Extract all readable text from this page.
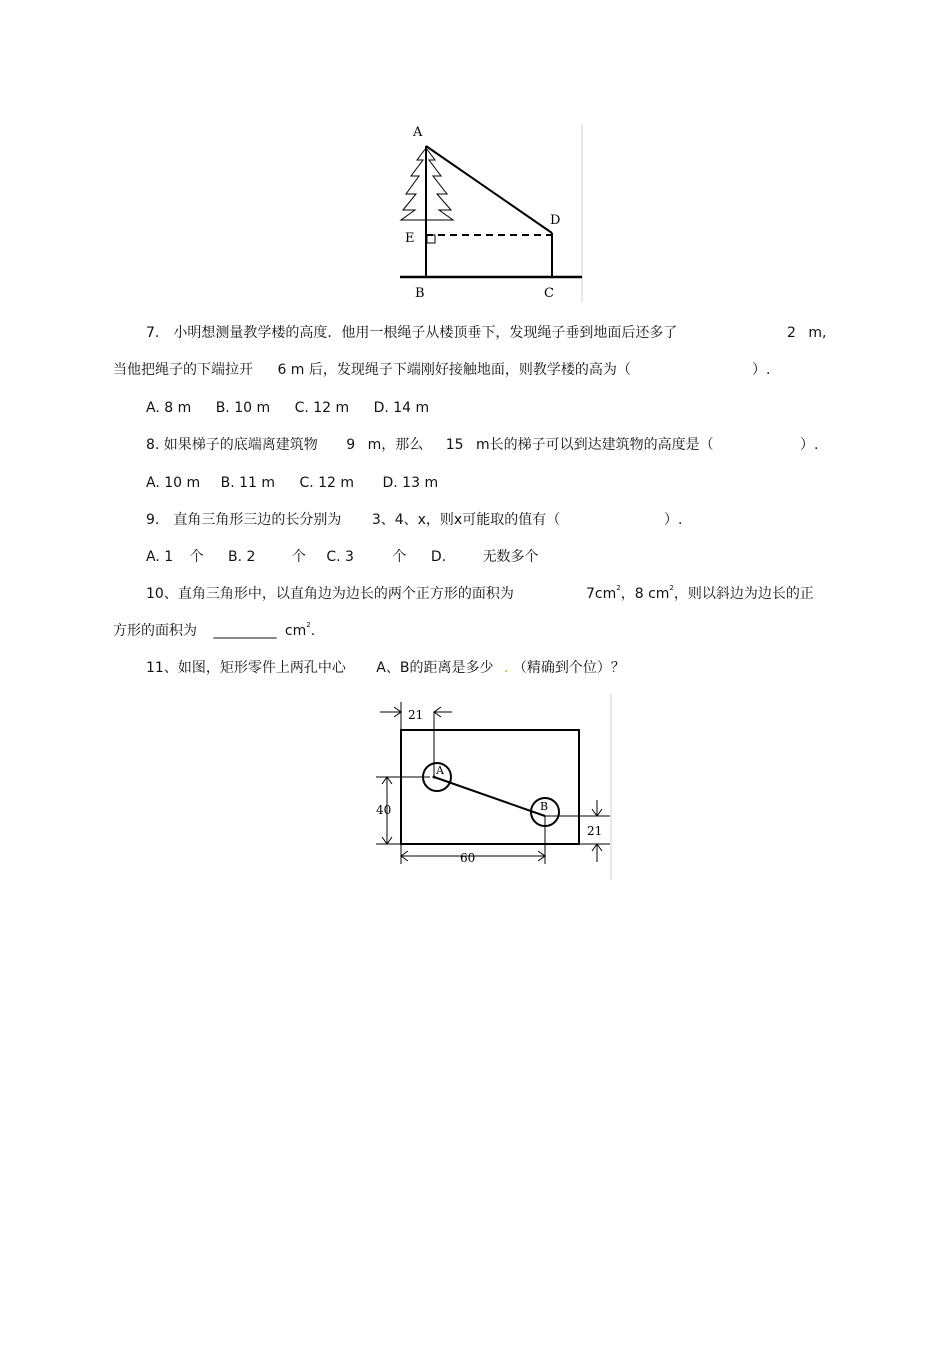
A
D
E
B	C
7.　小明想测量教学楼的高度．他用一根绳子从楼顶垂下，发现绳子垂到地面后还多了	2 m,
当他把绳子的下端拉开 6 m 后，发现绳子下端刚好接触地面，则教学楼的高为（	）.
A. 8 m B. 10 m C. 12 m D. 14 m
8. 如果梯子的底端离建筑物 9 m，那么 15 m长的梯子可以到达建筑物的高度是（	）.
A. 10 m B. 11 m C. 12 m D. 13 m
9.　直角三角形三边的长分别为 3、4、x，则x可能取的值有（	）.
A. 1 个 B. 2	个 C. 3	个 D.	无数多个
10、直角三角形中，以直角边为边长的两个正方形的面积为	$7cm^2$，8 $cm^2$，则以斜边为边长的正
方形的面积为 _________ $cm^2$.
11、如图，矩形零件上两孔中心 A、B的距离是多少 . （精确到个位）？
21
40
60
21
A
B
